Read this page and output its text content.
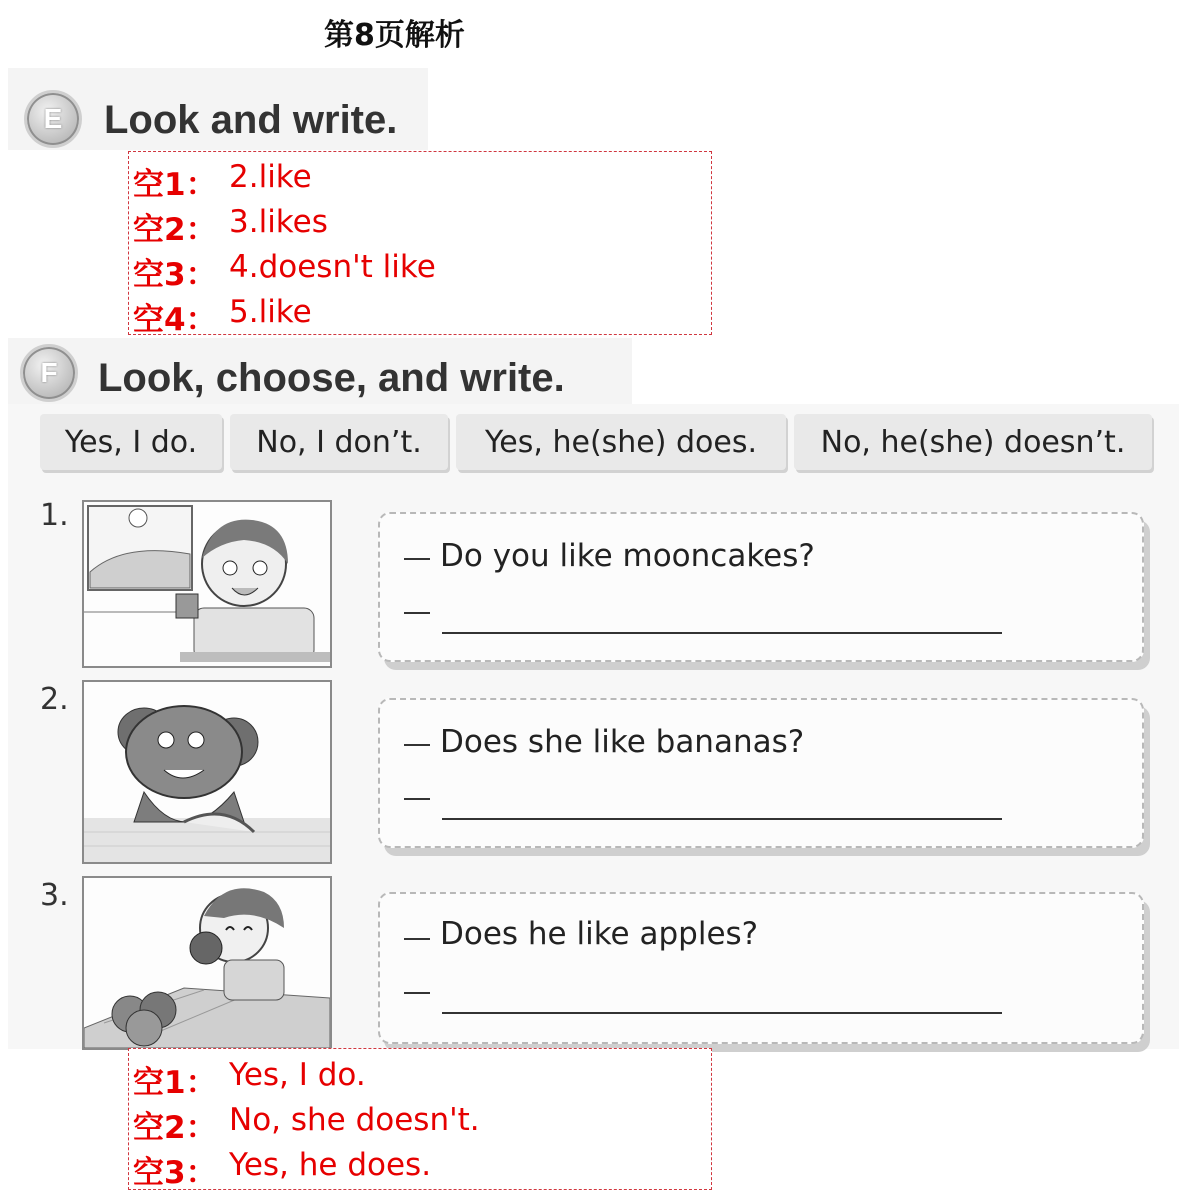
第8页解析
E	Look and write.
空1： 2.like
空2： 3.likes
空3： 4.doesn't like
空4： 5.like
F	Look, choose, and write.
Yes, I do.	No, I don’t.	Yes, he(she) does.	No, he(she) doesn’t.
1.
Do you like mooncakes?
2.
Does she like bananas?
3.
Does he like apples?
空1： Yes, I do.
空2： No, she doesn't.
空3： Yes, he does.
